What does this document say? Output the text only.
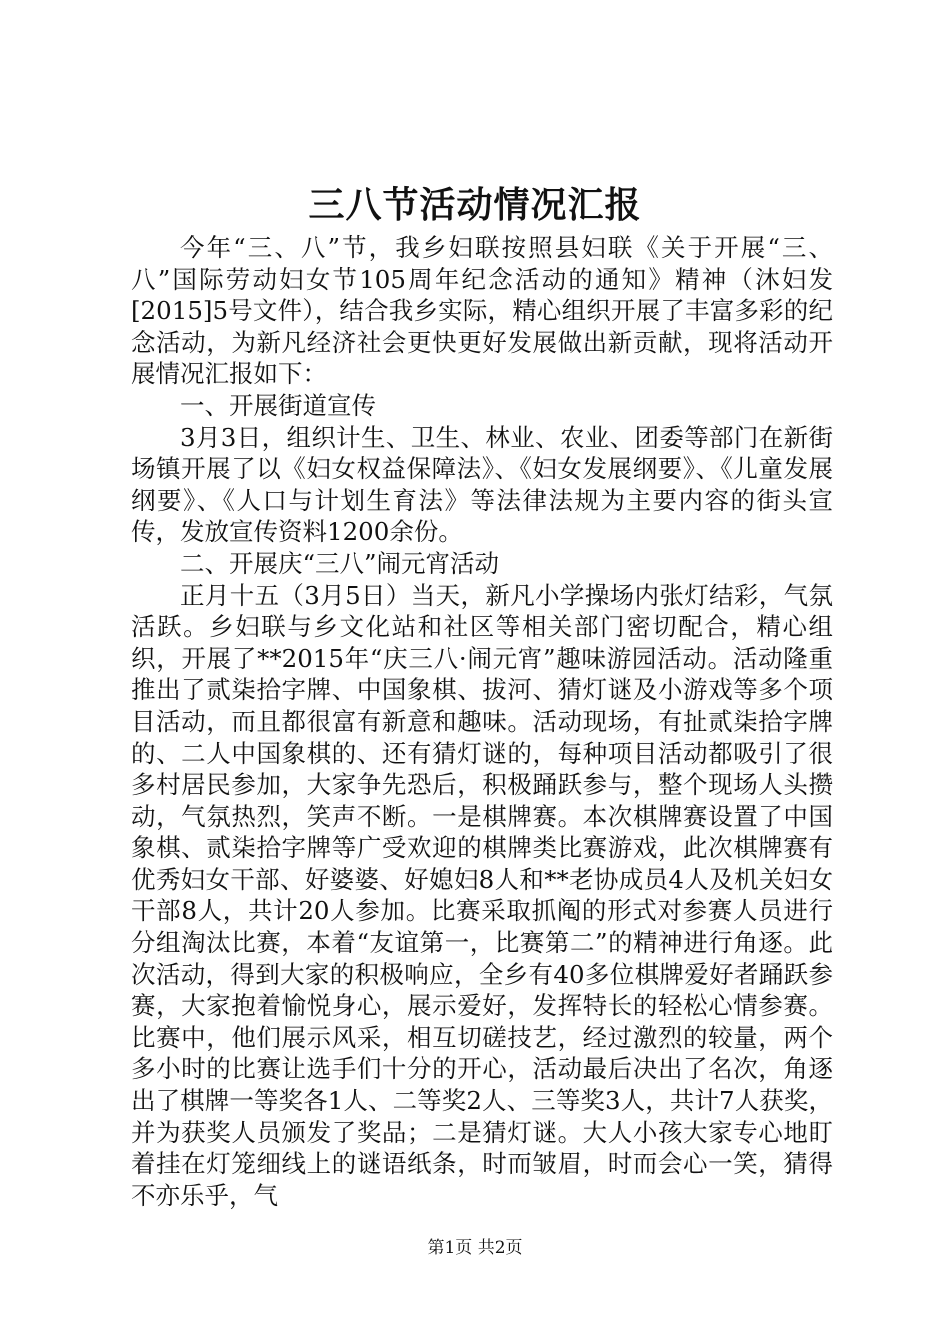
三八节活动情况汇报

今年“三、八”节，我乡妇联按照县妇联《关于开展“三、八”国际劳动妇女节105周年纪念活动的通知》精神（沐妇发[2015]5号文件），结合我乡实际，精心组织开展了丰富多彩的纪念活动，为新凡经济社会更快更好发展做出新贡献，现将活动开展情况汇报如下：

一、开展街道宣传

3月3日，组织计生、卫生、林业、农业、团委等部门在新街场镇开展了以《妇女权益保障法》、《妇女发展纲要》、《儿童发展纲要》、《人口与计划生育法》等法律法规为主要内容的街头宣传，发放宣传资料1200余份。

二、开展庆“三八”闹元宵活动

正月十五（3月5日）当天，新凡小学操场内张灯结彩，气氛活跃。乡妇联与乡文化站和社区等相关部门密切配合，精心组织，开展了**2015年“庆三八·闹元宵”趣味游园活动。活动隆重推出了贰柒拾字牌、中国象棋、拔河、猜灯谜及小游戏等多个项目活动，而且都很富有新意和趣味。活动现场，有扯贰柒拾字牌的、二人中国象棋的、还有猜灯谜的，每种项目活动都吸引了很多村居民参加，大家争先恐后，积极踊跃参与，整个现场人头攒动，气氛热烈，笑声不断。一是棋牌赛。本次棋牌赛设置了中国象棋、贰柒拾字牌等广受欢迎的棋牌类比赛游戏，此次棋牌赛有优秀妇女干部、好婆婆、好媳妇8人和**老协成员4人及机关妇女干部8人，共计20人参加。比赛采取抓阄的形式对参赛人员进行分组淘汰比赛，本着“友谊第一，比赛第二”的精神进行角逐。此次活动，得到大家的积极响应，全乡有40多位棋牌爱好者踊跃参赛，大家抱着愉悦身心，展示爱好，发挥特长的轻松心情参赛。比赛中，他们展示风采，相互切磋技艺，经过激烈的较量，两个多小时的比赛让选手们十分的开心，活动最后决出了名次，角逐出了棋牌一等奖各1人、二等奖2人、三等奖3人，共计7人获奖，并为获奖人员颁发了奖品；二是猜灯谜。大人小孩大家专心地盯着挂在灯笼细线上的谜语纸条，时而皱眉，时而会心一笑，猜得不亦乐乎，气

第1页 共2页
